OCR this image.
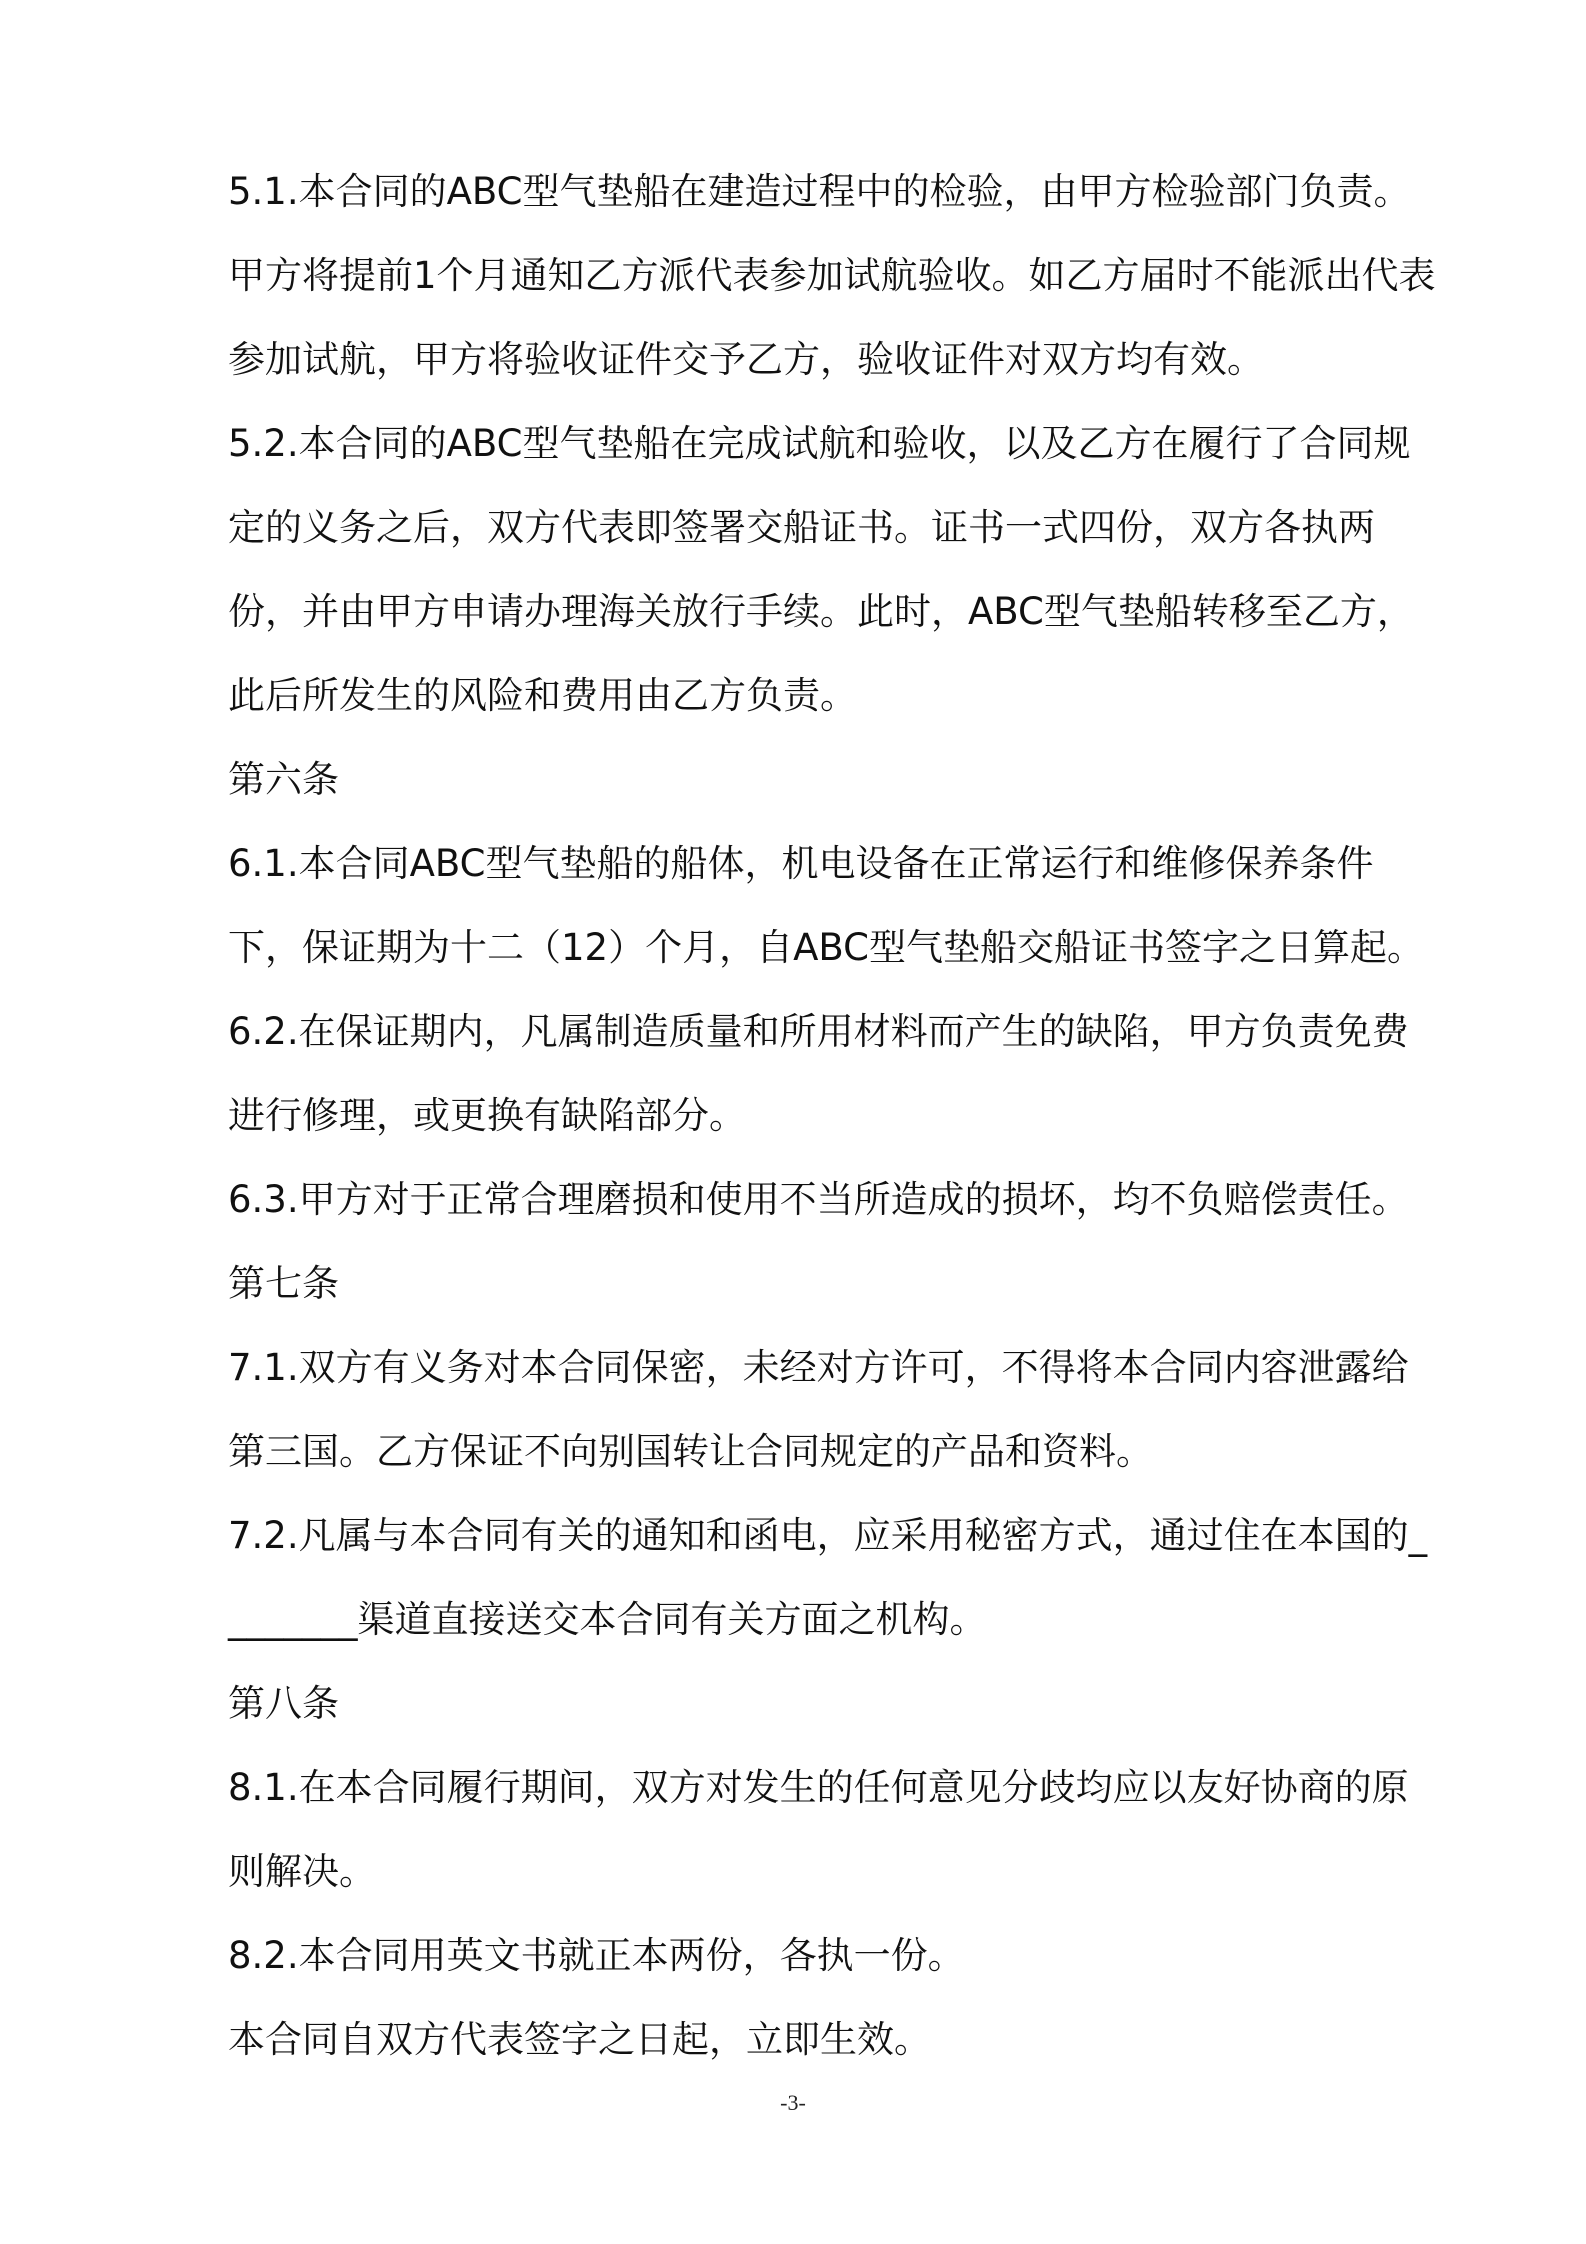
5.1.本合同的ABC型气垫船在建造过程中的检验，由甲方检验部门负责。甲方将提前1个月通知乙方派代表参加试航验收。如乙方届时不能派出代表参加试航，甲方将验收证件交予乙方，验收证件对双方均有效。

5.2.本合同的ABC型气垫船在完成试航和验收，以及乙方在履行了合同规定的义务之后，双方代表即签署交船证书。证书一式四份，双方各执两份，并由甲方申请办理海关放行手续。此时，ABC型气垫船转移至乙方，此后所发生的风险和费用由乙方负责。

第六条

6.1.本合同ABC型气垫船的船体，机电设备在正常运行和维修保养条件下，保证期为十二（12）个月，自ABC型气垫船交船证书签字之日算起。

6.2.在保证期内，凡属制造质量和所用材料而产生的缺陷，甲方负责免费进行修理，或更换有缺陷部分。

6.3.甲方对于正常合理磨损和使用不当所造成的损坏，均不负赔偿责任。

第七条

7.1.双方有义务对本合同保密，未经对方许可，不得将本合同内容泄露给第三国。乙方保证不向别国转让合同规定的产品和资料。

7.2.凡属与本合同有关的通知和函电，应采用秘密方式，通过住在本国的________渠道直接送交本合同有关方面之机构。

第八条

8.1.在本合同履行期间，双方对发生的任何意见分歧均应以友好协商的原则解决。

8.2.本合同用英文书就正本两份，各执一份。

本合同自双方代表签字之日起，立即生效。

-3-
